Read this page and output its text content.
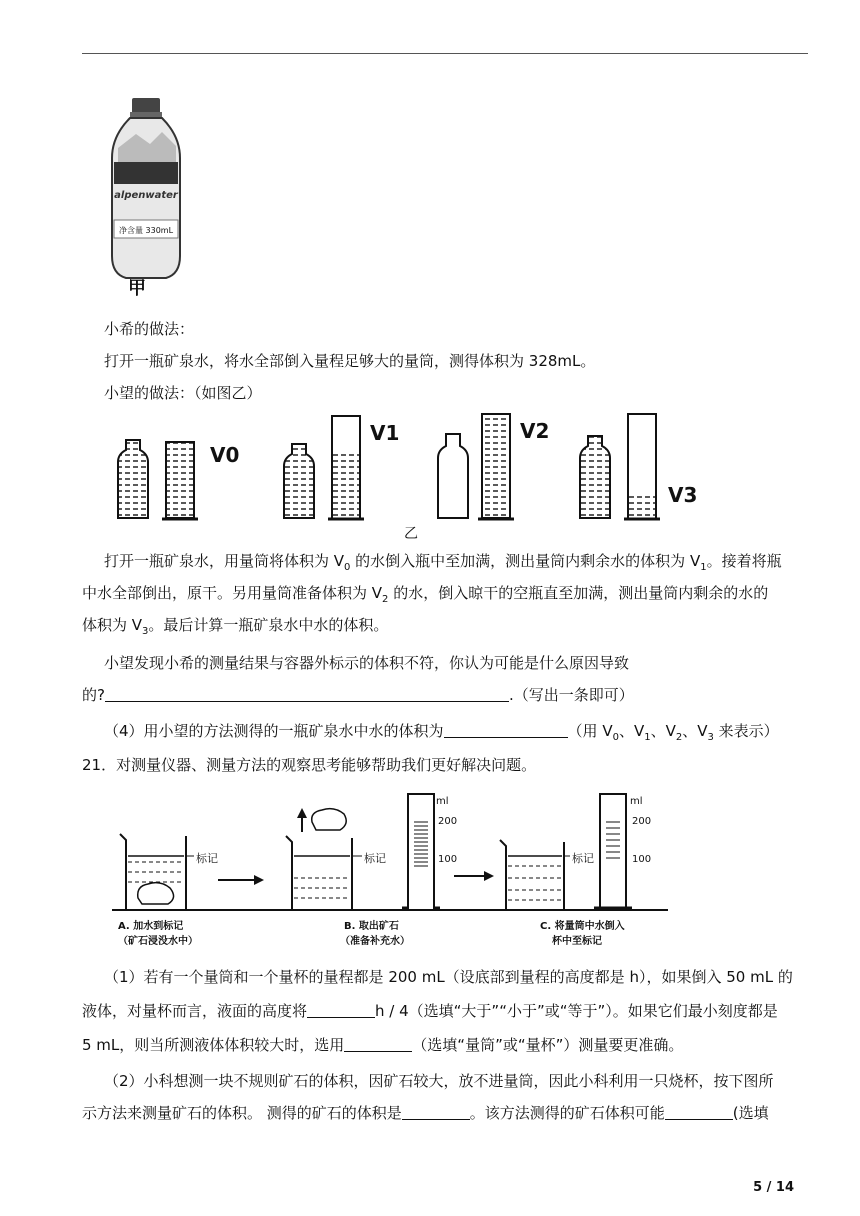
alpenwater
净含量 330mL
甲
小希的做法：
打开一瓶矿泉水，将水全部倒入量程足够大的量筒，测得体积为 328mL。
小望的做法：（如图乙）
V0
V1	V2
V3
乙
打开一瓶矿泉水，用量筒将体积为 $V_0$ 的水倒入瓶中至加满，测出量筒内剩余水的体积为 $V_1$。接着将瓶
中水全部倒出，原干。另用量筒准备体积为 $V_2$ 的水，倒入晾干的空瓶直至加满，测出量筒内剩余的水的
体积为 $V_3$。最后计算一瓶矿泉水中水的体积。
小望发现小希的测量结果与容器外标示的体积不符，你认为可能是什么原因导致
的?	.（写出一条即可）
（4）用小望的方法测得的一瓶矿泉水中水的体积为	（用 $V_0$、$V_1$、$V_2$、$V_3$ 来表示）
21．对测量仪器、测量方法的观察思考能够帮助我们更好解决问题。
标记	标记
ml
200
100	标记
ml
200
100
A. 加水到标记
（矿石浸没水中）
B. 取出矿石
（准备补充水）
C. 将量筒中水倒入
杯中至标记
（1）若有一个量筒和一个量杯的量程都是 200 mL（设底部到量程的高度都是 h），如果倒入 50 mL 的
液体，对量杯而言，液面的高度将	h / 4（选填“大于”“小于”或“等于”）。如果它们最小刻度都是
5 mL，则当所测液体体积较大时，选用	（选填“量筒”或“量杯”）测量要更准确。
（2）小科想测一块不规则矿石的体积，因矿石较大，放不进量筒，因此小科利用一只烧杯，按下图所
示方法来测量矿石的体积。 测得的矿石的体积是	。该方法测得的矿石体积可能	(选填
5 / 14
